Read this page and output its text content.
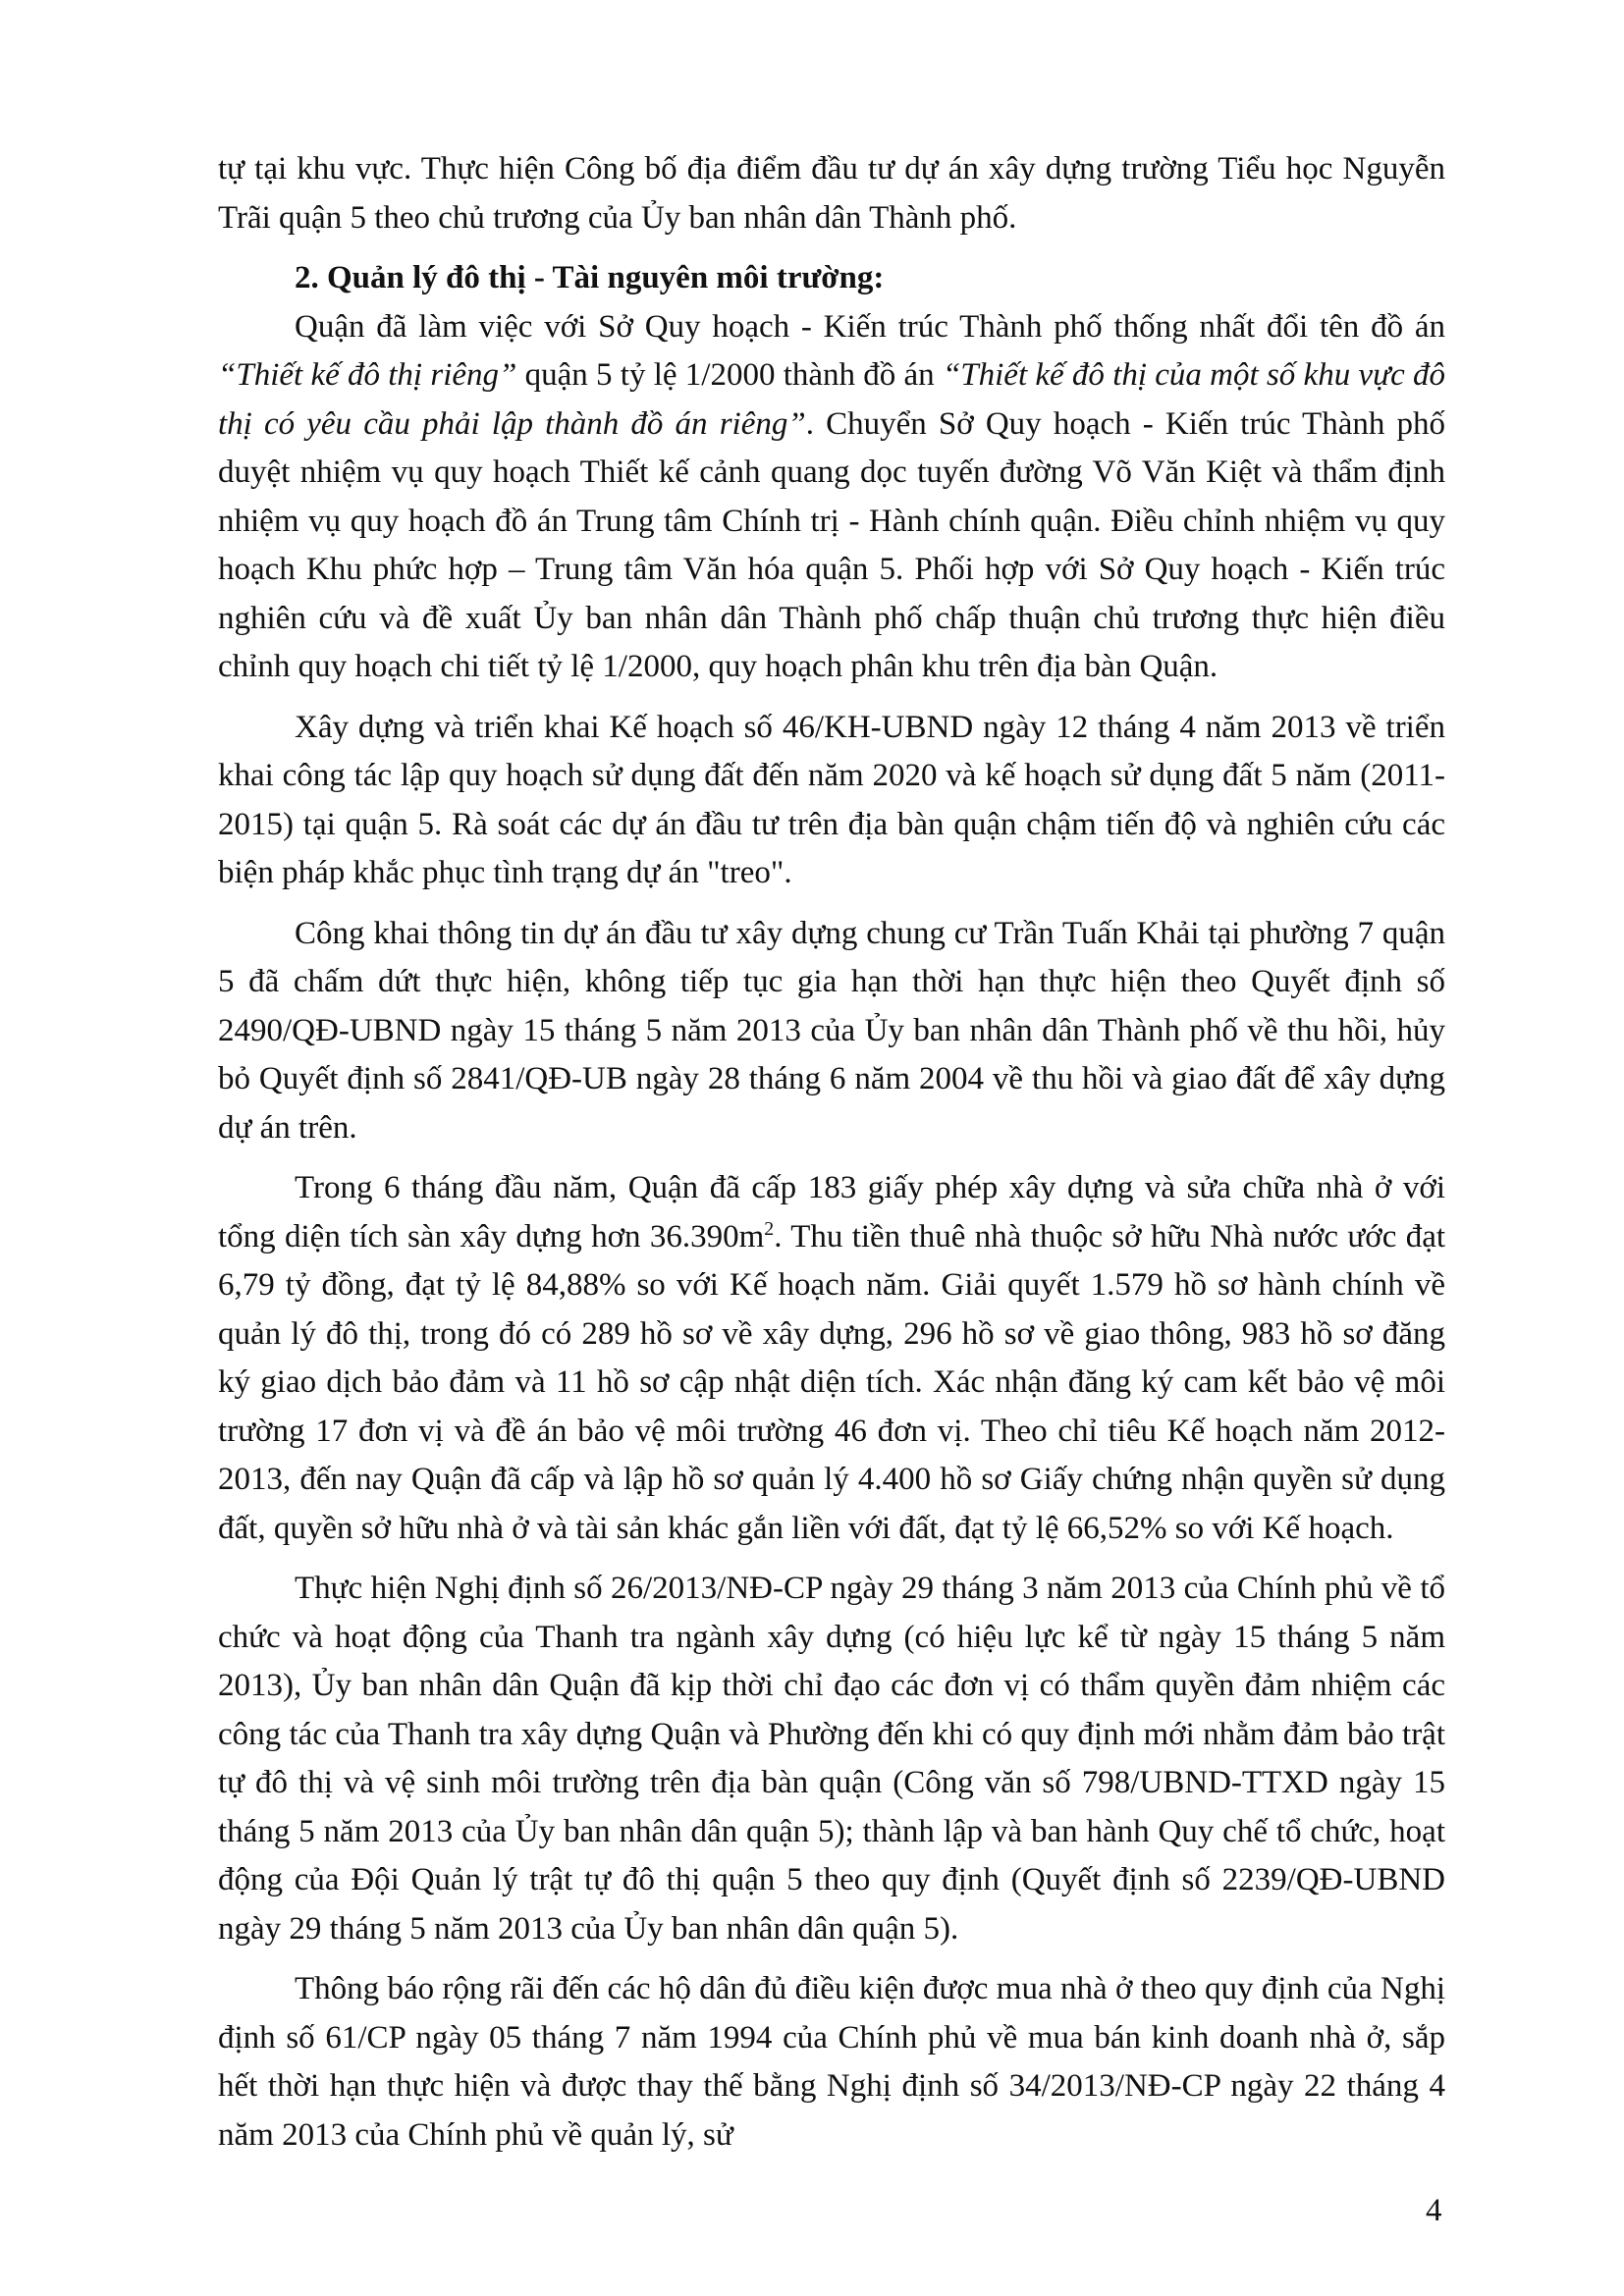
tự tại khu vực. Thực hiện Công bố địa điểm đầu tư dự án xây dựng trường Tiểu học Nguyễn Trãi quận 5 theo chủ trương của Ủy ban nhân dân Thành phố.

2. Quản lý đô thị - Tài nguyên môi trường:

Quận đã làm việc với Sở Quy hoạch - Kiến trúc Thành phố thống nhất đổi tên đồ án “Thiết kế đô thị riêng” quận 5 tỷ lệ 1/2000 thành đồ án “Thiết kế đô thị của một số khu vực đô thị có yêu cầu phải lập thành đồ án riêng”. Chuyển Sở Quy hoạch - Kiến trúc Thành phố duyệt nhiệm vụ quy hoạch Thiết kế cảnh quang dọc tuyến đường Võ Văn Kiệt và thẩm định nhiệm vụ quy hoạch đồ án Trung tâm Chính trị - Hành chính quận. Điều chỉnh nhiệm vụ quy hoạch Khu phức hợp – Trung tâm Văn hóa quận 5. Phối hợp với Sở Quy hoạch - Kiến trúc nghiên cứu và đề xuất Ủy ban nhân dân Thành phố chấp thuận chủ trương thực hiện điều chỉnh quy hoạch chi tiết tỷ lệ 1/2000, quy hoạch phân khu trên địa bàn Quận.

Xây dựng và triển khai Kế hoạch số 46/KH-UBND ngày 12 tháng 4 năm 2013 về triển khai công tác lập quy hoạch sử dụng đất đến năm 2020 và kế hoạch sử dụng đất 5 năm (2011-2015) tại quận 5. Rà soát các dự án đầu tư trên địa bàn quận chậm tiến độ và nghiên cứu các biện pháp khắc phục tình trạng dự án "treo".

Công khai thông tin dự án đầu tư xây dựng chung cư Trần Tuấn Khải tại phường 7 quận 5 đã chấm dứt thực hiện, không tiếp tục gia hạn thời hạn thực hiện theo Quyết định số 2490/QĐ-UBND ngày 15 tháng 5 năm 2013 của Ủy ban nhân dân Thành phố về thu hồi, hủy bỏ Quyết định số 2841/QĐ-UB ngày 28 tháng 6 năm 2004 về thu hồi và giao đất để xây dựng dự án trên.

Trong 6 tháng đầu năm, Quận đã cấp 183 giấy phép xây dựng và sửa chữa nhà ở với tổng diện tích sàn xây dựng hơn $36.390m^2$. Thu tiền thuê nhà thuộc sở hữu Nhà nước ước đạt 6,79 tỷ đồng, đạt tỷ lệ 84,88% so với Kế hoạch năm. Giải quyết 1.579 hồ sơ hành chính về quản lý đô thị, trong đó có 289 hồ sơ về xây dựng, 296 hồ sơ về giao thông, 983 hồ sơ đăng ký giao dịch bảo đảm và 11 hồ sơ cập nhật diện tích. Xác nhận đăng ký cam kết bảo vệ môi trường 17 đơn vị và đề án bảo vệ môi trường 46 đơn vị. Theo chỉ tiêu Kế hoạch năm 2012-2013, đến nay Quận đã cấp và lập hồ sơ quản lý 4.400 hồ sơ Giấy chứng nhận quyền sử dụng đất, quyền sở hữu nhà ở và tài sản khác gắn liền với đất, đạt tỷ lệ 66,52% so với Kế hoạch.

Thực hiện Nghị định số 26/2013/NĐ-CP ngày 29 tháng 3 năm 2013 của Chính phủ về tổ chức và hoạt động của Thanh tra ngành xây dựng (có hiệu lực kể từ ngày 15 tháng 5 năm 2013), Ủy ban nhân dân Quận đã kịp thời chỉ đạo các đơn vị có thẩm quyền đảm nhiệm các công tác của Thanh tra xây dựng Quận và Phường đến khi có quy định mới nhằm đảm bảo trật tự đô thị và vệ sinh môi trường trên địa bàn quận (Công văn số 798/UBND-TTXD ngày 15 tháng 5 năm 2013 của Ủy ban nhân dân quận 5); thành lập và ban hành Quy chế tổ chức, hoạt động của Đội Quản lý trật tự đô thị quận 5 theo quy định (Quyết định số 2239/QĐ-UBND ngày 29 tháng 5 năm 2013 của Ủy ban nhân dân quận 5).

Thông báo rộng rãi đến các hộ dân đủ điều kiện được mua nhà ở theo quy định của Nghị định số 61/CP ngày 05 tháng 7 năm 1994 của Chính phủ về mua bán kinh doanh nhà ở, sắp hết thời hạn thực hiện và được thay thế bằng Nghị định số 34/2013/NĐ-CP ngày 22 tháng 4 năm 2013 của Chính phủ về quản lý, sử

4
